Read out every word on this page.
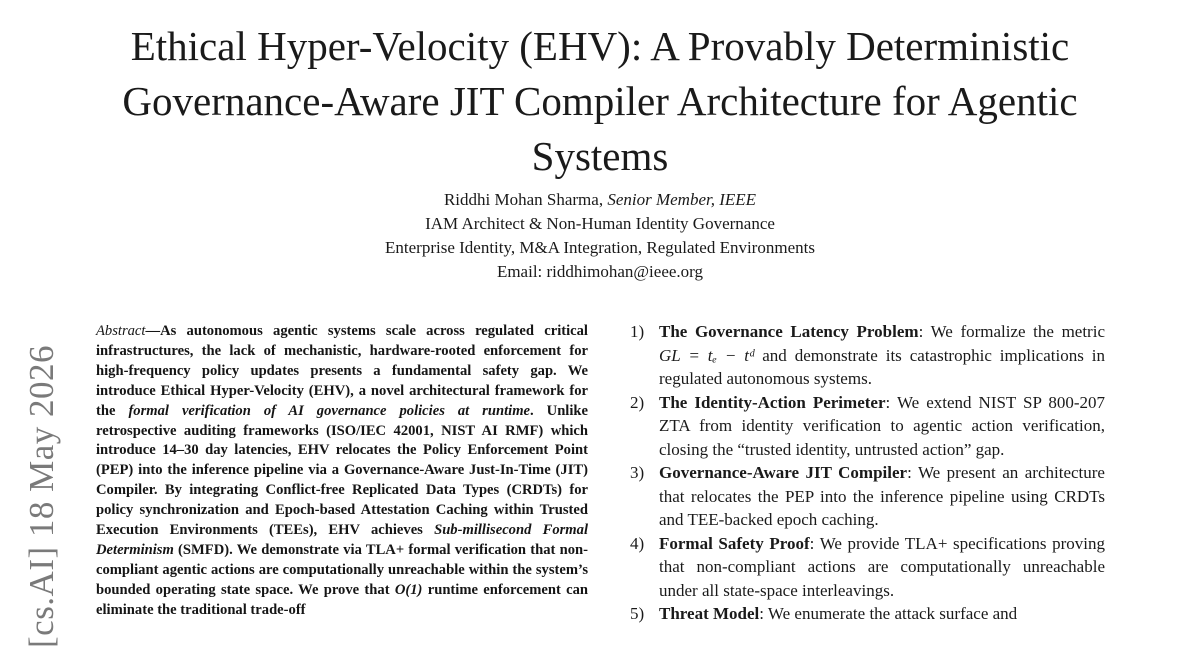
Ethical Hyper-Velocity (EHV): A Provably Deterministic Governance-Aware JIT Compiler Architecture for Agentic Systems
Riddhi Mohan Sharma, Senior Member, IEEE
IAM Architect & Non-Human Identity Governance
Enterprise Identity, M&A Integration, Regulated Environments
Email: riddhimohan@ieee.org
[cs.AI] 18 May 2026
Abstract—As autonomous agentic systems scale across regulated critical infrastructures, the lack of mechanistic, hardware-rooted enforcement for high-frequency policy updates presents a fundamental safety gap. We introduce Ethical Hyper-Velocity (EHV), a novel architectural framework for the formal verification of AI governance policies at runtime. Unlike retrospective auditing frameworks (ISO/IEC 42001, NIST AI RMF) which introduce 14–30 day latencies, EHV relocates the Policy Enforcement Point (PEP) into the inference pipeline via a Governance-Aware Just-In-Time (JIT) Compiler. By integrating Conflict-free Replicated Data Types (CRDTs) for policy synchronization and Epoch-based Attestation Caching within Trusted Execution Environments (TEEs), EHV achieves Sub-millisecond Formal Determinism (SMFD). We demonstrate via TLA+ formal verification that non-compliant agentic actions are computationally unreachable within the system’s bounded operating state space. We prove that O(1) runtime enforcement can eliminate the traditional trade-off
1) The Governance Latency Problem: We formalize the metric GL = tₑ − tᵈ and demonstrate its catastrophic implications in regulated autonomous systems.
2) The Identity-Action Perimeter: We extend NIST SP 800-207 ZTA from identity verification to agentic action verification, closing the “trusted identity, untrusted action” gap.
3) Governance-Aware JIT Compiler: We present an architecture that relocates the PEP into the inference pipeline using CRDTs and TEE-backed epoch caching.
4) Formal Safety Proof: We provide TLA+ specifications proving that non-compliant actions are computationally unreachable under all state-space interleavings.
5) Threat Model: We enumerate the attack surface and
